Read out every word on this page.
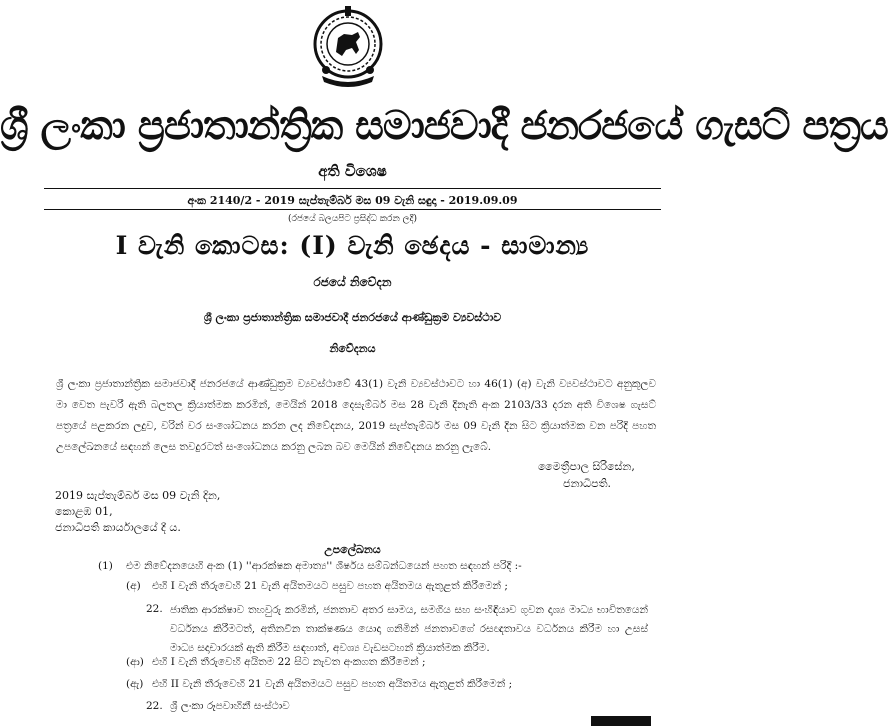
ශ්‍රී ලංකා ප්‍රජාතාන්ත්‍රික සමාජවාදී ජනරජයේ ගැසට් පත්‍රය
අති විශෙෂ
අංක 2140/2 - 2019 සැප්තැම්බර් මස 09 වැනි සඳුදා - 2019.09.09
(රජයේ බලයපිට ප්‍රසිද්ධ කරන ලදී)
I වැනි කොටස: (I) වැනි ඡෙදය - සාමාන්‍ය
රජයේ නිවේදන
ශ්‍රී ලංකා ප්‍රජාතාන්ත්‍රික සමාජවාදී ජනරජයේ ආණ්ඩුක්‍රම ව්‍යවස්ථාව
නිවේදනය
ශ්‍රී ලංකා ප්‍රජාතාන්ත්‍රික සමාජවාදී ජනරජයේ ආණ්ඩුක්‍රම ව්‍යවස්ථාවේ 43(1) වැනි ව්‍යවස්ථාවට හා 46(1) (අ) වැනි ව්‍යවස්ථාවට අනුකූලව මා වෙත පැවරී ඇති බලතල ක්‍රියාත්මක කරමින්, මෙයින් 2018 දෙසැම්බර් මස 28 වැනි දිනැති අංක 2103/33 දරන අති විශෙෂ ගැසට් පත්‍රයේ පළකරන ලදුව, වරින් වර සංශෝධනය කරන ලද නිවේදනය, 2019 සැප්තැම්බර් මස 09 වැනි දින සිට ක්‍රියාත්මක වන පරිදි පහත උපලේඛනයේ සඳහන් ලෙස තවදුරටත් සංශෝධනය කරනු ලබන බව මෙයින් නිවේදනය කරනු ලැබේ.
මෛත්‍රීපාල සිරිසේන,
ජනාධිපති.
2019 සැප්තැම්බර් මස 09 වැනි දින,
කොළඹ 01,
ජනාධිපති කාර්යාලයේ දී ය.
උපලේඛනය
(1) එම නිවේදනයෙහි අංක (1) ''ආරක්ෂක අමාත්‍ය'' ශීර්ෂය සම්බන්ධයෙන් පහත සඳහන් පරිදි :-
(අ) එහි I වැනි තීරුවෙහි 21 වැනි අයිතමයට පසුව පහත අයිතමය ඇතුළත් කිරීමෙන් ;
22. ජාතික ආරක්ෂාව තහවුරු කරමින්, ජනතාව අතර සාමය, සමගිය සහ සංහිඳියාව ගුවන දෘශ්‍ය මාධ්‍ය භාවිතයෙන් වර්ධනය කිරීමටත්, අතිනවීන තාක්ෂණය යොදා ගනිමින් ජනතාවගේ රසඥතාවය වර්ධනය කිරීම හා උසස් මාධ්‍ය සදාචාරයක් ඇති කිරීම සඳහාත්, අවශ්‍ය වැඩසටහන් ක්‍රියාත්මක කිරීම.
(ආ) එහි I වැනි තීරුවෙහි අයිතම 22 සිට නැවත අංකගත කිරීමෙන් ;
(ඇ) එහි II වැනි තීරුවෙහි 21 වැනි අයිතමයට පසුව පහත අයිතමය ඇතුළත් කිරීමෙන් ;
22. ශ්‍රී ලංකා රූපවාහිනී සංස්ථාව
